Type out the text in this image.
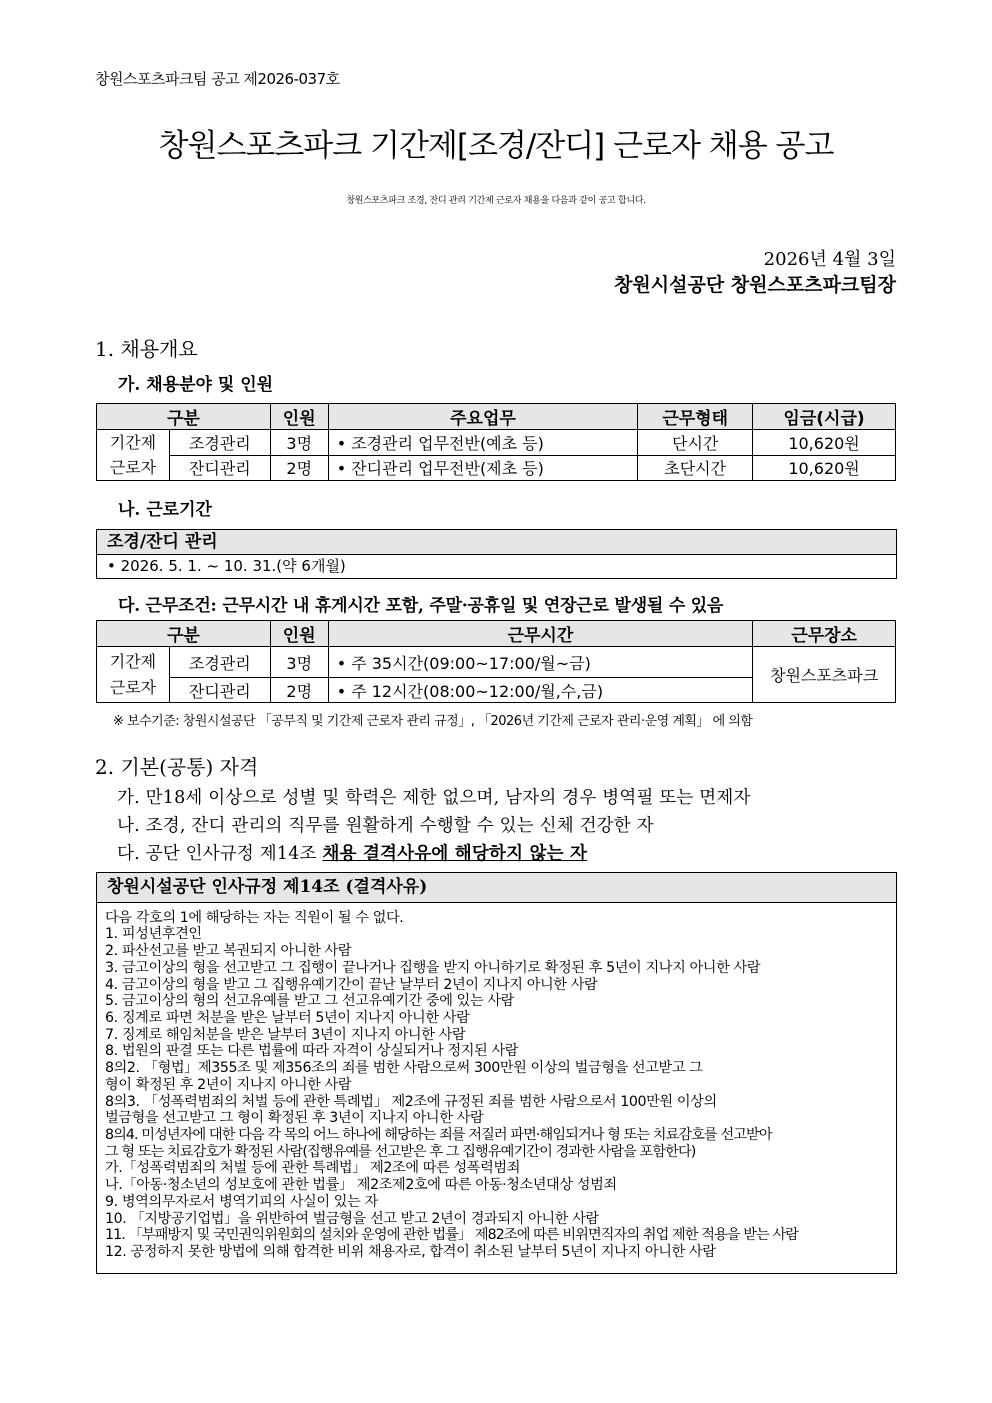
창원스포츠파크팀 공고 제2026-037호
창원스포츠파크 기간제[조경/잔디] 근로자 채용 공고
창원스포츠파크 조경, 잔디 관리 기간제 근로자 채용을 다음과 같이 공고 합니다.
2026년 4월 3일
창원시설공단 창원스포츠파크팀장
1. 채용개요
가. 채용분야 및 인원
구분		인원	주요업무	근무형태	임금(시급)

기간제
근로자	조경관리	3명	• 조경관리 업무전반(예초 등)	단시간	10,620원
	잔디관리	2명	• 잔디관리 업무전반(제초 등)	초단시간	10,620원
나. 근로기간
조경/잔디 관리
• 2026. 5. 1. ~ 10. 31.(약 6개월)
다. 근무조건: 근무시간 내 휴게시간 포함, 주말·공휴일 및 연장근로 발생될 수 있음
구분		인원	근무시간	근무장소

기간제
근로자	조경관리	3명	• 주 35시간(09:00~17:00/월~금)	창원스포츠파크
	잔디관리	2명	• 주 12시간(08:00~12:00/월,수,금)	
※ 보수기준: 창원시설공단 「공무직 및 기간제 근로자 관리 규정」, 「2026년 기간제 근로자 관리·운영 계획」 에 의함
2. 기본(공통) 자격
가. 만18세 이상으로 성별 및 학력은 제한 없으며, 남자의 경우 병역필 또는 면제자
나. 조경, 잔디 관리의 직무를 원활하게 수행할 수 있는 신체 건강한 자
다. 공단 인사규정 제14조 채용 결격사유에 해당하지 않는 자
창원시설공단 인사규정 제14조 (결격사유)
다음 각호의 1에 해당하는 자는 직원이 될 수 없다.
1. 피성년후견인
2. 파산선고를 받고 복권되지 아니한 사람
3. 금고이상의 형을 선고받고 그 집행이 끝나거나 집행을 받지 아니하기로 확정된 후 5년이 지나지 아니한 사람
4. 금고이상의 형을 받고 그 집행유예기간이 끝난 날부터 2년이 지나지 아니한 사람
5. 금고이상의 형의 선고유예를 받고 그 선고유예기간 중에 있는 사람
6. 징계로 파면 처분을 받은 날부터 5년이 지나지 아니한 사람
7. 징계로 해임처분을 받은 날부터 3년이 지나지 아니한 사람
8. 법원의 판결 또는 다른 법률에 따라 자격이 상실되거나 정지된 사람
8의2. 「형법」제355조 및 제356조의 죄를 범한 사람으로써 300만원 이상의 벌금형을 선고받고 그
형이 확정된 후 2년이 지나지 아니한 사람
8의3. 「성폭력범죄의 처벌 등에 관한 특례법」 제2조에 규정된 죄를 범한 사람으로서 100만원 이상의
벌금형을 선고받고 그 형이 확정된 후 3년이 지나지 아니한 사람
8의4. 미성년자에 대한 다음 각 목의 어느 하나에 해당하는 죄를 저질러 파면·해임되거나 형 또는 치료감호를 선고받아
그 형 또는 치료감호가 확정된 사람(집행유예를 선고받은 후 그 집행유예기간이 경과한 사람을 포함한다)
가.「성폭력범죄의 처벌 등에 관한 특례법」 제2조에 따른 성폭력범죄
나.「아동·청소년의 성보호에 관한 법률」 제2조제2호에 따른 아동·청소년대상 성범죄
9. 병역의무자로서 병역기피의 사실이 있는 자
10. 「지방공기업법」을 위반하여 벌금형을 선고 받고 2년이 경과되지 아니한 사람
11. 「부패방지 및 국민권익위원회의 설치와 운영에 관한 법률」 제82조에 따른 비위면직자의 취업 제한 적용을 받는 사람
12. 공정하지 못한 방법에 의해 합격한 비위 채용자로, 합격이 취소된 날부터 5년이 지나지 아니한 사람
